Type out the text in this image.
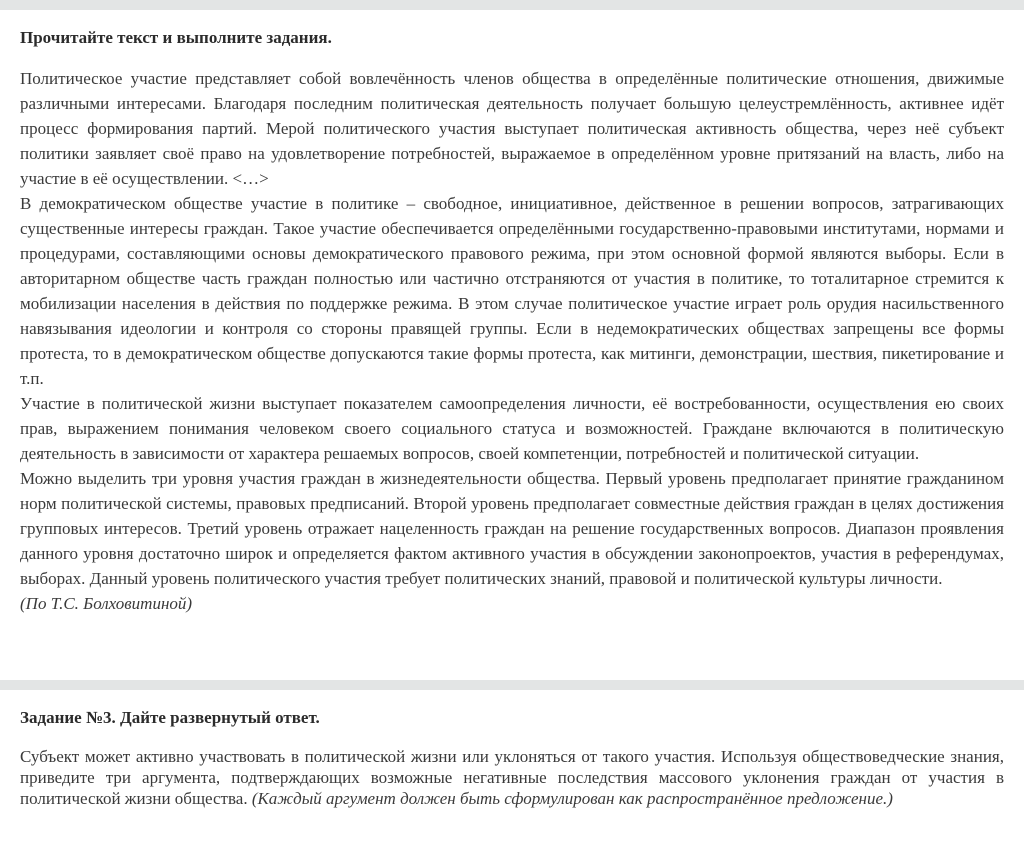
Прочитайте текст и выполните задания.

Политическое участие представляет собой вовлечённость членов общества в определённые политические отношения, движимые различными интересами. Благодаря последним политическая деятельность получает большую целеустремлённость, активнее идёт процесс формирования партий. Мерой политического участия выступает политическая активность общества, через неё субъект политики заявляет своё право на удовлетворение потребностей, выражаемое в определённом уровне притязаний на власть, либо на участие в её осуществлении. <…>

В демократическом обществе участие в политике – свободное, инициативное, действенное в решении вопросов, затрагивающих существенные интересы граждан. Такое участие обеспечивается определёнными государственно-правовыми институтами, нормами и процедурами, составляющими основы демократического правового режима, при этом основной формой являются выборы. Если в авторитарном обществе часть граждан полностью или частично отстраняются от участия в политике, то тоталитарное стремится к мобилизации населения в действия по поддержке режима. В этом случае политическое участие играет роль орудия насильственного навязывания идеологии и контроля со стороны правящей группы. Если в недемократических обществах запрещены все формы протеста, то в демократическом обществе допускаются такие формы протеста, как митинги, демонстрации, шествия, пикетирование и т.п.

Участие в политической жизни выступает показателем самоопределения личности, её востребованности, осуществления ею своих прав, выражением понимания человеком своего социального статуса и возможностей. Граждане включаются в политическую деятельность в зависимости от характера решаемых вопросов, своей компетенции, потребностей и политической ситуации.

Можно выделить три уровня участия граждан в жизнедеятельности общества. Первый уровень предполагает принятие гражданином норм политической системы, правовых предписаний. Второй уровень предполагает совместные действия граждан в целях достижения групповых интересов. Третий уровень отражает нацеленность граждан на решение государственных вопросов. Диапазон проявления данного уровня достаточно широк и определяется фактом активного участия в обсуждении законопроектов, участия в референдумах, выборах. Данный уровень политического участия требует политических знаний, правовой и политической культуры личности.

(По Т.С. Болховитиной)

Задание №3. Дайте развернутый ответ.

Субъект может активно участвовать в политической жизни или уклоняться от такого участия. Используя обществоведческие знания, приведите три аргумента, подтверждающих возможные негативные последствия массового уклонения граждан от участия в политической жизни общества. (Каждый аргумент должен быть сформулирован как распространённое предложение.)
